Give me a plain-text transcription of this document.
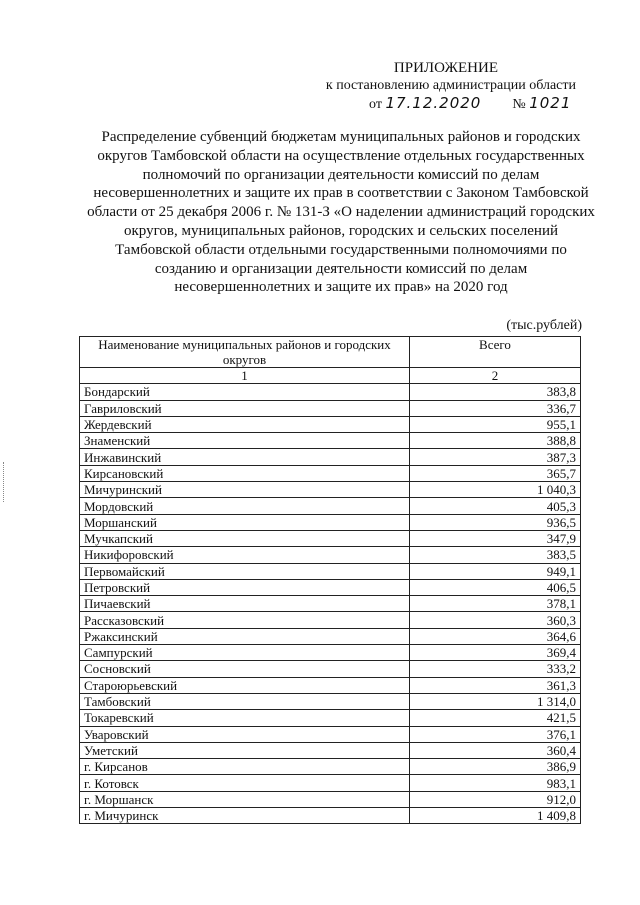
ПРИЛОЖЕНИЕ
к постановлению администрации области
от 17.12.2020 № 1021
Распределение субвенций бюджетам муниципальных районов и городских округов Тамбовской области на осуществление отдельных государственных полномочий по организации деятельности комиссий по делам несовершеннолетних и защите их прав в соответствии с Законом Тамбовской области от 25 декабря 2006 г. № 131-З «О наделении администраций городских округов, муниципальных районов, городских и сельских поселений Тамбовской области отдельными государственными полномочиями по созданию и организации деятельности комиссий по делам несовершеннолетних и защите их прав» на 2020 год
(тыс.рублей)
Наименование муниципальных районов и городских округов	Всего
1	2
Бондарский	383,8
Гавриловский	336,7
Жердевский	955,1
Знаменский	388,8
Инжавинский	387,3
Кирсановский	365,7
Мичуринский	1 040,3
Мордовский	405,3
Моршанский	936,5
Мучкапский	347,9
Никифоровский	383,5
Первомайский	949,1
Петровский	406,5
Пичаевский	378,1
Рассказовский	360,3
Ржаксинский	364,6
Сампурский	369,4
Сосновский	333,2
Староюрьевский	361,3
Тамбовский	1 314,0
Токаревский	421,5
Уваровский	376,1
Уметский	360,4
г. Кирсанов	386,9
г. Котовск	983,1
г. Моршанск	912,0
г. Мичуринск	1 409,8
